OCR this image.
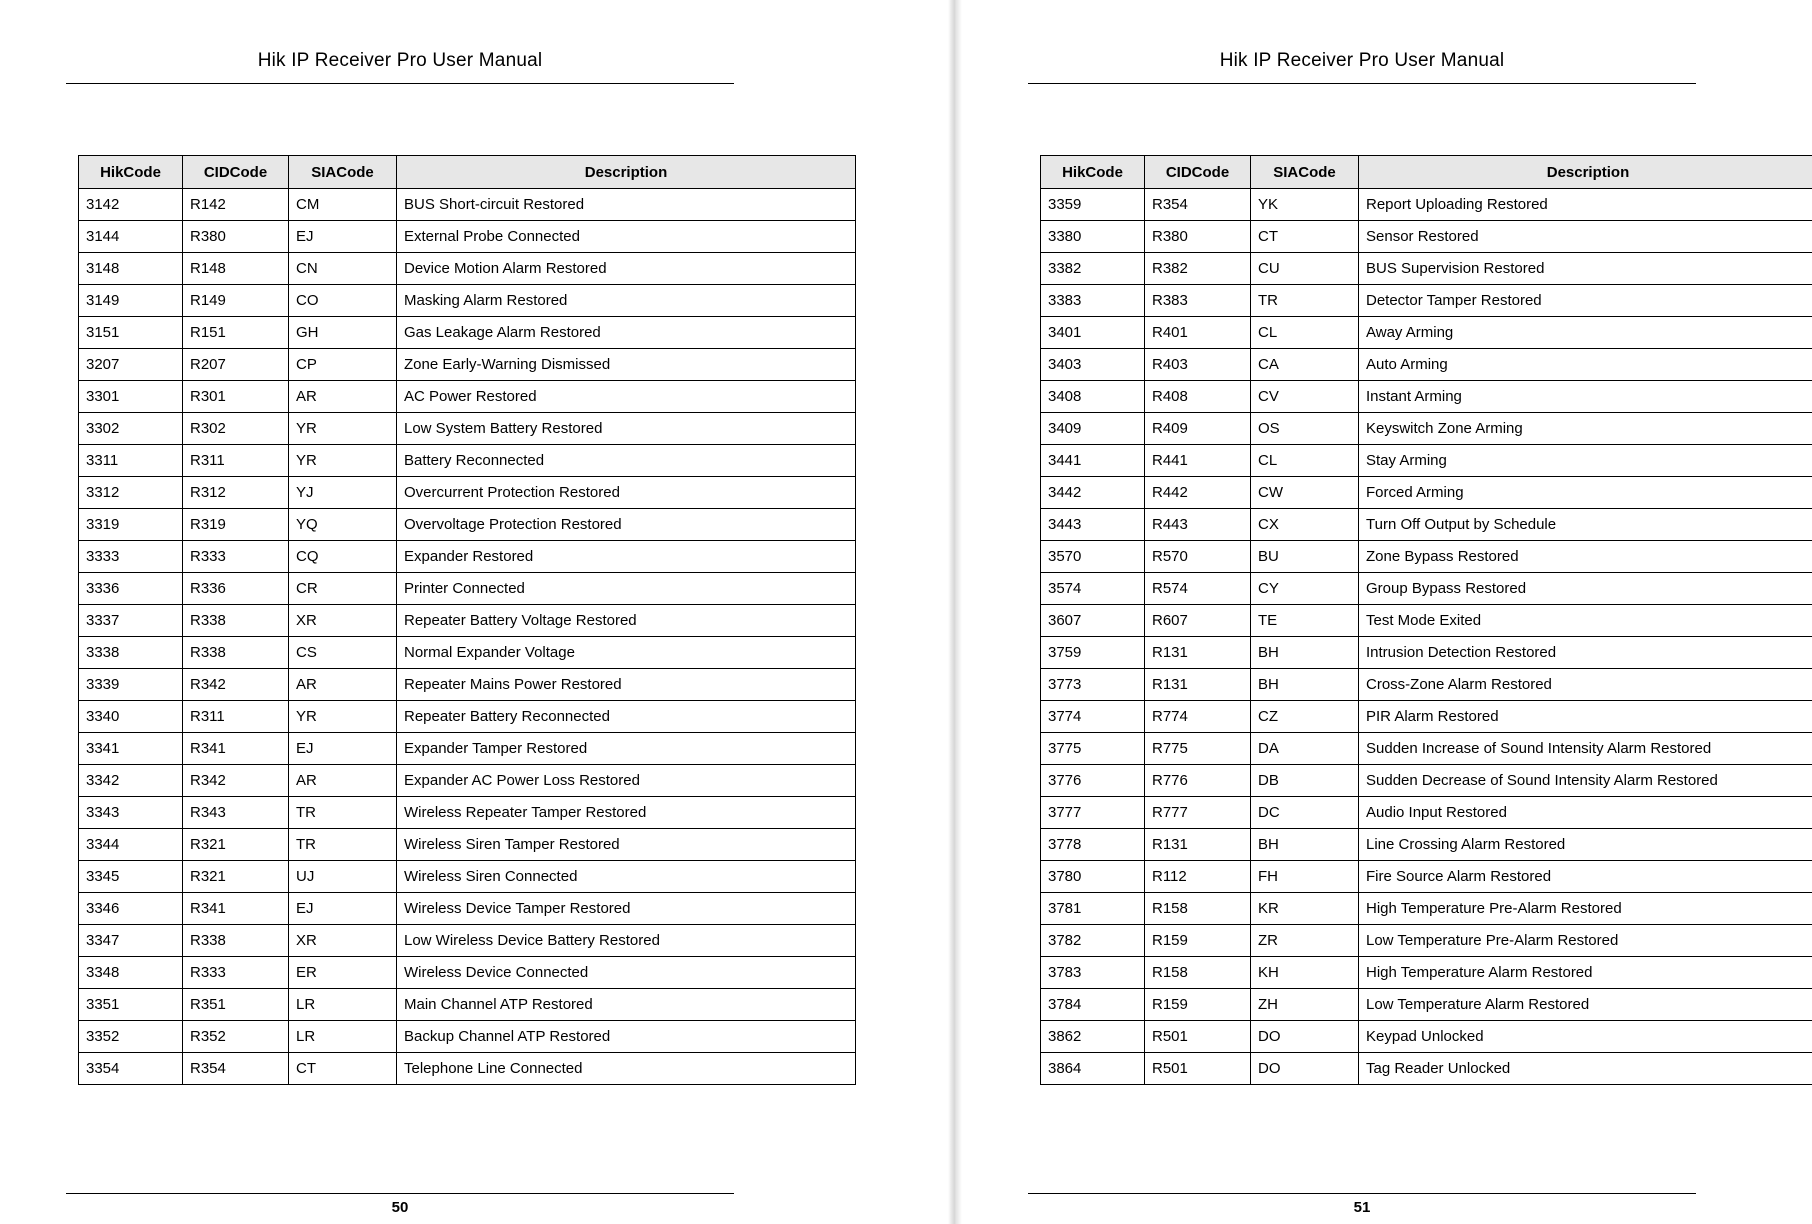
Hik IP Receiver Pro User Manual
HikCode	CIDCode	SIACode	Description
3142	R142	CM	BUS Short-circuit Restored
3144	R380	EJ	External Probe Connected
3148	R148	CN	Device Motion Alarm Restored
3149	R149	CO	Masking Alarm Restored
3151	R151	GH	Gas Leakage Alarm Restored
3207	R207	CP	Zone Early-Warning Dismissed
3301	R301	AR	AC Power Restored
3302	R302	YR	Low System Battery Restored
3311	R311	YR	Battery Reconnected
3312	R312	YJ	Overcurrent Protection Restored
3319	R319	YQ	Overvoltage Protection Restored
3333	R333	CQ	Expander Restored
3336	R336	CR	Printer Connected
3337	R338	XR	Repeater Battery Voltage Restored
3338	R338	CS	Normal Expander Voltage
3339	R342	AR	Repeater Mains Power Restored
3340	R311	YR	Repeater Battery Reconnected
3341	R341	EJ	Expander Tamper Restored
3342	R342	AR	Expander AC Power Loss Restored
3343	R343	TR	Wireless Repeater Tamper Restored
3344	R321	TR	Wireless Siren Tamper Restored
3345	R321	UJ	Wireless Siren Connected
3346	R341	EJ	Wireless Device Tamper Restored
3347	R338	XR	Low Wireless Device Battery Restored
3348	R333	ER	Wireless Device Connected
3351	R351	LR	Main Channel ATP Restored
3352	R352	LR	Backup Channel ATP Restored
3354	R354	CT	Telephone Line Connected
50
Hik IP Receiver Pro User Manual
HikCode	CIDCode	SIACode	Description
3359	R354	YK	Report Uploading Restored
3380	R380	CT	Sensor Restored
3382	R382	CU	BUS Supervision Restored
3383	R383	TR	Detector Tamper Restored
3401	R401	CL	Away Arming
3403	R403	CA	Auto Arming
3408	R408	CV	Instant Arming
3409	R409	OS	Keyswitch Zone Arming
3441	R441	CL	Stay Arming
3442	R442	CW	Forced Arming
3443	R443	CX	Turn Off Output by Schedule
3570	R570	BU	Zone Bypass Restored
3574	R574	CY	Group Bypass Restored
3607	R607	TE	Test Mode Exited
3759	R131	BH	Intrusion Detection Restored
3773	R131	BH	Cross-Zone Alarm Restored
3774	R774	CZ	PIR Alarm Restored
3775	R775	DA	Sudden Increase of Sound Intensity Alarm Restored
3776	R776	DB	Sudden Decrease of Sound Intensity Alarm Restored
3777	R777	DC	Audio Input Restored
3778	R131	BH	Line Crossing Alarm Restored
3780	R112	FH	Fire Source Alarm Restored
3781	R158	KR	High Temperature Pre-Alarm Restored
3782	R159	ZR	Low Temperature Pre-Alarm Restored
3783	R158	KH	High Temperature Alarm Restored
3784	R159	ZH	Low Temperature Alarm Restored
3862	R501	DO	Keypad Unlocked
3864	R501	DO	Tag Reader Unlocked
51
